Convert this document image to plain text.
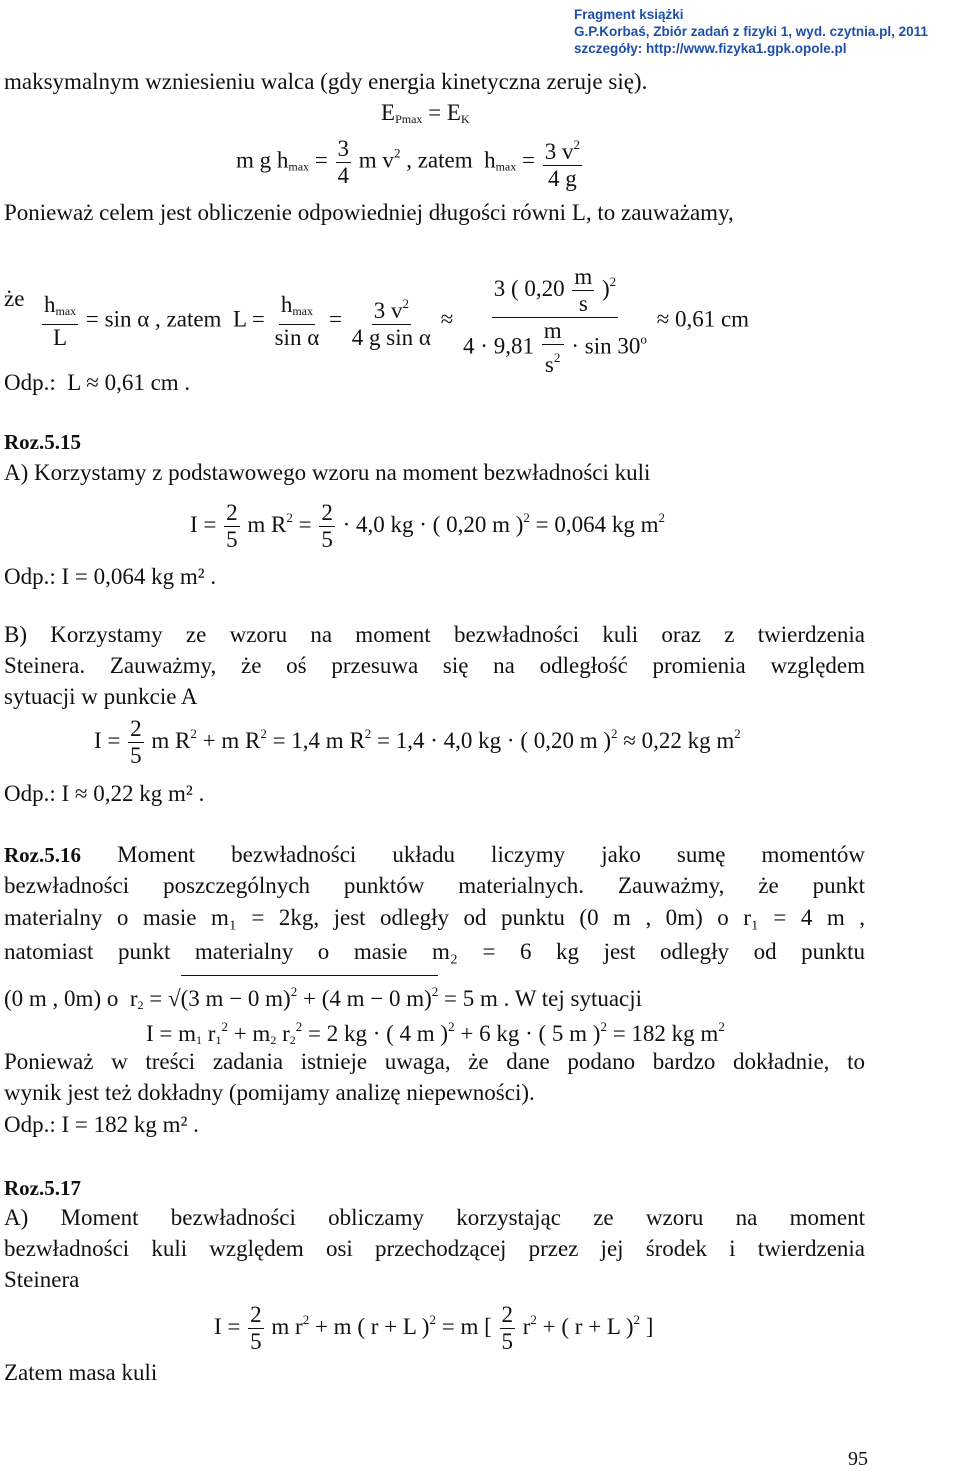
Fragment książki
G.P.Korbaś, Zbiór zadań z fizyki 1, wyd. czytnia.pl, 2011
szczegóły: http://www.fizyka1.gpk.opole.pl
maksymalnym wzniesieniu walca (gdy energia kinetyczna zeruje się).
$E_{Pmax} = E_K$
m g $h_{max} = \frac{3}{4}$ m $v^2$ , zatem  $h_{max} = \frac{3 v^2}{4 g}$
Ponieważ celem jest obliczenie odpowiedniej długości równi L, to zauważamy,
że $\frac{h_{max}}{L} = \sin \alpha$ , zatem  $L = \frac{h_{max}}{\text{sin α}} = \frac{3 v^2}{\text{4 g sin α}} \approx \frac{3 ( 0,20 \frac{m}{s} )^2}{4 \cdot 9,81 \frac{m}{s^2} \cdot \sin 30^o} \approx 0,61$ cm
Odp.: L ≈ 0,61 cm .
Roz.5.15
A) Korzystamy z podstawowego wzoru na moment bezwładności kuli
$I = \frac{2}{5}$ m $R^2 = \frac{2}{5} \cdot 4,0$ kg · ( 0,20 m )$^2$ = 0,064 kg $m^2$
Odp.: I = 0,064 kg m² .
B) Korzystamy ze wzoru na moment bezwładności kuli oraz z twierdzenia
Steinera. Zauważmy, że oś przesuwa się na odległość promienia względem
sytuacji w punkcie A
$I = \frac{2}{5}$ m $R^2 + m$ $R^2 = 1,4$ m $R^2 = 1,4 \cdot 4,0$ kg · ( 0,20 m )$^2$ ≈ 0,22 kg $m^2$
Odp.: I ≈ 0,22 kg m² .
Roz.5.16 Moment bezwładności układu liczymy jako sumę momentów
bezwładności poszczególnych punktów materialnych. Zauważmy, że punkt
materialny o masie m₁ = 2kg, jest odległy od punktu (0 m , 0m) o r₁ = 4 m ,
natomiast punkt materialny o masie m₂ = 6 kg jest odległy od punktu
(0 m , 0m) o  $r_2 = √(3$ m − 0 m)$^2$ + (4 m − 0 m)$^2$ = 5 m . W tej sytuacji
$I = m_1$ $r_1^2 + m_2$ $r_2^2 = 2$ kg · ( 4 m )$^2$ + 6 kg · ( 5 m )$^2$ = 182 kg $m^2$
Ponieważ w treści zadania istnieje uwaga, że dane podano bardzo dokładnie, to
wynik jest też dokładny (pomijamy analizę niepewności).
Odp.: I = 182 kg m² .
Roz.5.17
A) Moment bezwładności obliczamy korzystając ze wzoru na moment
bezwładności kuli względem osi przechodzącej przez jej środek i twierdzenia
Steinera
$I = \frac{2}{5}$ m $r^2 + m$ ( r + L )$^2$ = m [ $\frac{2}{5} r^2$ + ( r + L )$^2$ ]
Zatem masa kuli
95
